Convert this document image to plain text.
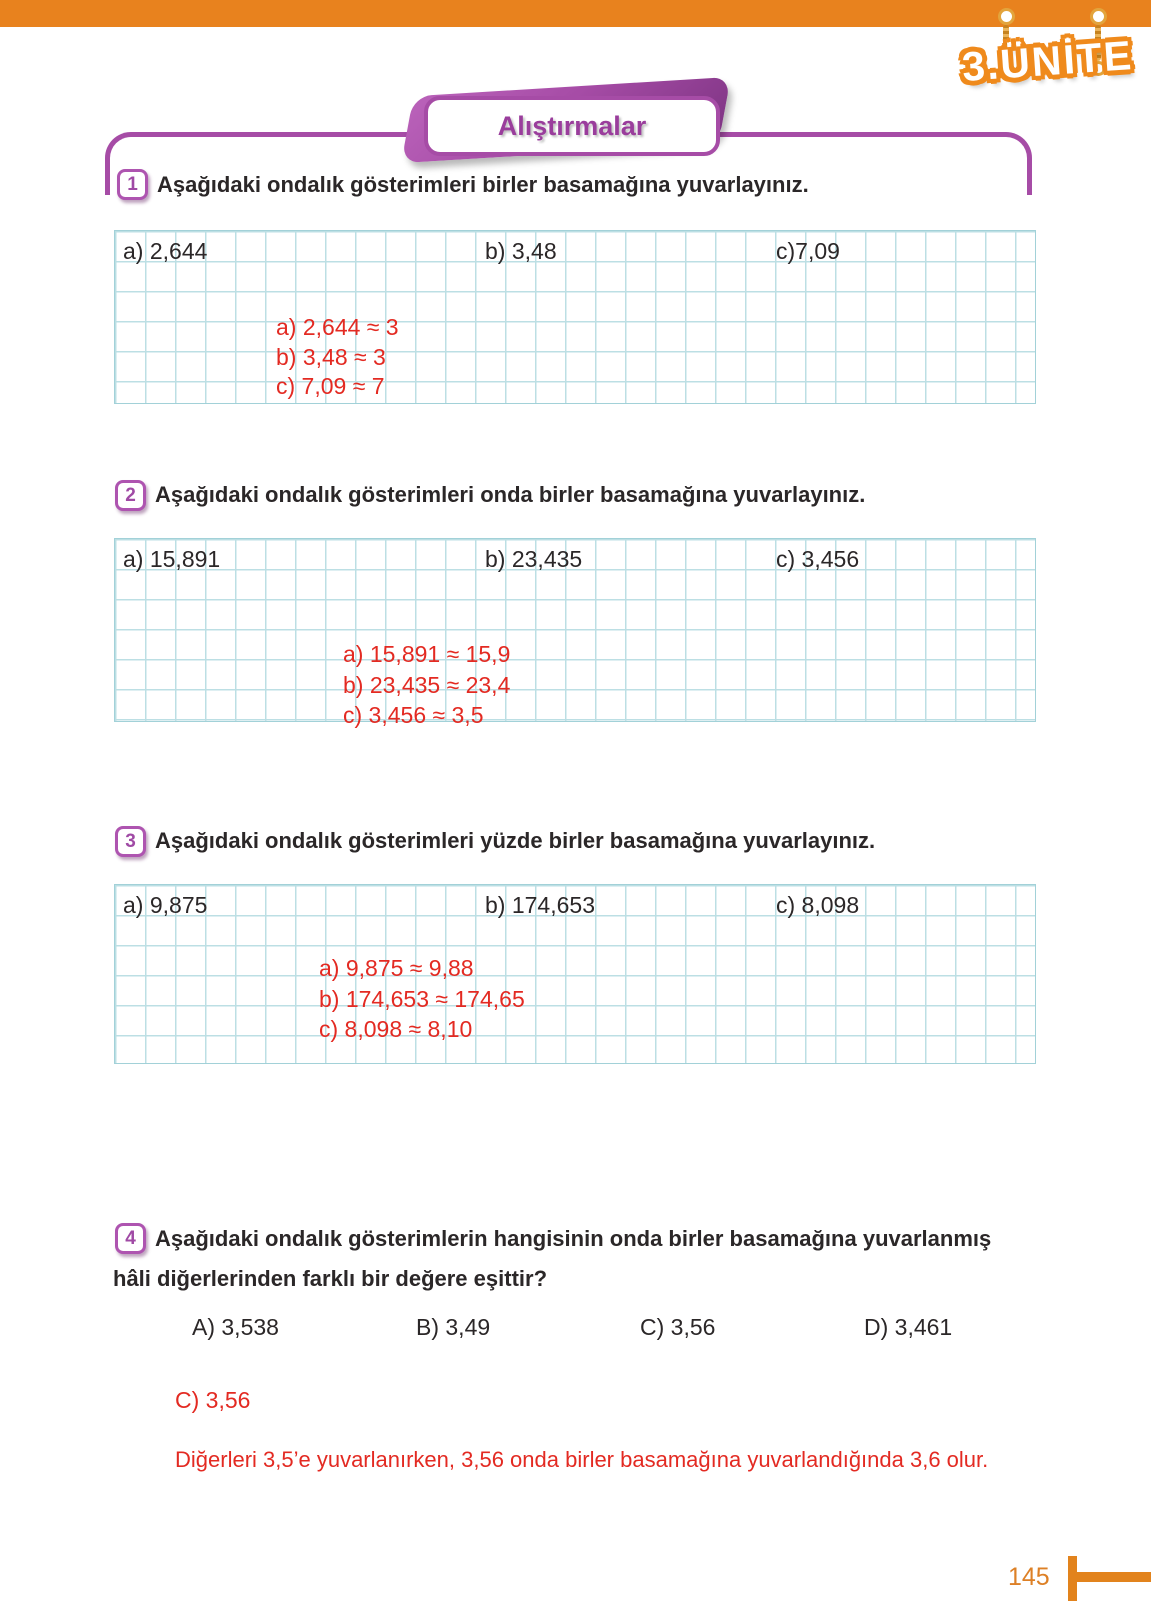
3.ÜNİTE
Alıştırmalar
1 Aşağıdaki ondalık gösterimleri birler basamağına yuvarlayınız.
a) 2,644	b) 3,48	c)7,09
a) 2,644 ≈ 3
b) 3,48 ≈ 3
c) 7,09 ≈ 7
2 Aşağıdaki ondalık gösterimleri onda birler basamağına yuvarlayınız.
a) 15,891	b) 23,435	c) 3,456
a) 15,891 ≈ 15,9
b) 23,435 ≈ 23,4
c) 3,456 ≈ 3,5
3 Aşağıdaki ondalık gösterimleri yüzde birler basamağına yuvarlayınız.
a) 9,875	b) 174,653	c) 8,098
a) 9,875 ≈ 9,88
b) 174,653 ≈ 174,65
c) 8,098 ≈ 8,10
4 Aşağıdaki ondalık gösterimlerin hangisinin onda birler basamağına yuvarlanmış
hâli diğerlerinden farklı bir değere eşittir?
A) 3,538	B) 3,49	C) 3,56	D) 3,461
C) 3,56
Diğerleri 3,5’e yuvarlanırken, 3,56 onda birler basamağına yuvarlandığında 3,6 olur.
145
